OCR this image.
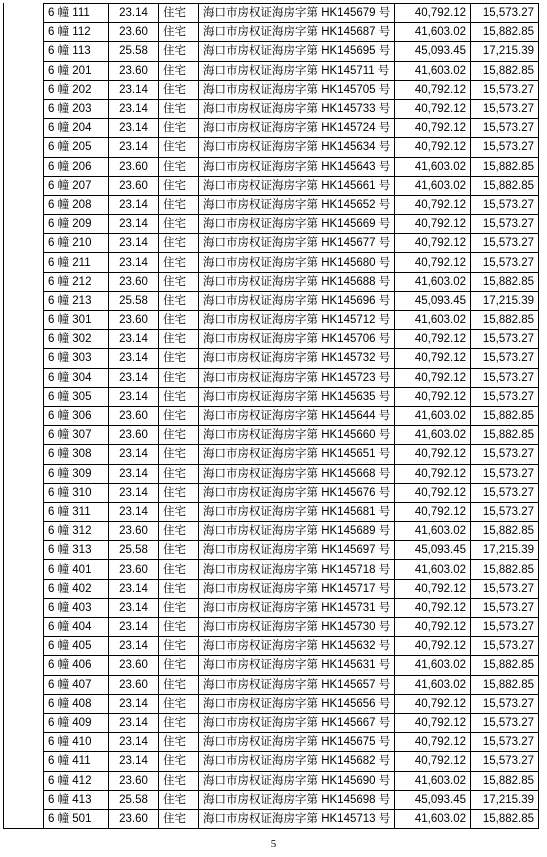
6 幢 111	23.14	住宅	海口市房权证海房字第 HK145679 号	40,792.12	15,573.27
6 幢 112	23.60	住宅	海口市房权证海房字第 HK145687 号	41,603.02	15,882.85
6 幢 113	25.58	住宅	海口市房权证海房字第 HK145695 号	45,093.45	17,215.39
6 幢 201	23.60	住宅	海口市房权证海房字第 HK145711 号	41,603.02	15,882.85
6 幢 202	23.14	住宅	海口市房权证海房字第 HK145705 号	40,792.12	15,573.27
6 幢 203	23.14	住宅	海口市房权证海房字第 HK145733 号	40,792.12	15,573.27
6 幢 204	23.14	住宅	海口市房权证海房字第 HK145724 号	40,792.12	15,573.27
6 幢 205	23.14	住宅	海口市房权证海房字第 HK145634 号	40,792.12	15,573.27
6 幢 206	23.60	住宅	海口市房权证海房字第 HK145643 号	41,603.02	15,882.85
6 幢 207	23.60	住宅	海口市房权证海房字第 HK145661 号	41,603.02	15,882.85
6 幢 208	23.14	住宅	海口市房权证海房字第 HK145652 号	40,792.12	15,573.27
6 幢 209	23.14	住宅	海口市房权证海房字第 HK145669 号	40,792.12	15,573.27
6 幢 210	23.14	住宅	海口市房权证海房字第 HK145677 号	40,792.12	15,573.27
6 幢 211	23.14	住宅	海口市房权证海房字第 HK145680 号	40,792.12	15,573.27
6 幢 212	23.60	住宅	海口市房权证海房字第 HK145688 号	41,603.02	15,882.85
6 幢 213	25.58	住宅	海口市房权证海房字第 HK145696 号	45,093.45	17,215.39
6 幢 301	23.60	住宅	海口市房权证海房字第 HK145712 号	41,603.02	15,882.85
6 幢 302	23.14	住宅	海口市房权证海房字第 HK145706 号	40,792.12	15,573.27
6 幢 303	23.14	住宅	海口市房权证海房字第 HK145732 号	40,792.12	15,573.27
6 幢 304	23.14	住宅	海口市房权证海房字第 HK145723 号	40,792.12	15,573.27
6 幢 305	23.14	住宅	海口市房权证海房字第 HK145635 号	40,792.12	15,573.27
6 幢 306	23.60	住宅	海口市房权证海房字第 HK145644 号	41,603.02	15,882.85
6 幢 307	23.60	住宅	海口市房权证海房字第 HK145660 号	41,603.02	15,882.85
6 幢 308	23.14	住宅	海口市房权证海房字第 HK145651 号	40,792.12	15,573.27
6 幢 309	23.14	住宅	海口市房权证海房字第 HK145668 号	40,792.12	15,573.27
6 幢 310	23.14	住宅	海口市房权证海房字第 HK145676 号	40,792.12	15,573.27
6 幢 311	23.14	住宅	海口市房权证海房字第 HK145681 号	40,792.12	15,573.27
6 幢 312	23.60	住宅	海口市房权证海房字第 HK145689 号	41,603.02	15,882.85
6 幢 313	25.58	住宅	海口市房权证海房字第 HK145697 号	45,093.45	17,215.39
6 幢 401	23.60	住宅	海口市房权证海房字第 HK145718 号	41,603.02	15,882.85
6 幢 402	23.14	住宅	海口市房权证海房字第 HK145717 号	40,792.12	15,573.27
6 幢 403	23.14	住宅	海口市房权证海房字第 HK145731 号	40,792.12	15,573.27
6 幢 404	23.14	住宅	海口市房权证海房字第 HK145730 号	40,792.12	15,573.27
6 幢 405	23.14	住宅	海口市房权证海房字第 HK145632 号	40,792.12	15,573.27
6 幢 406	23.60	住宅	海口市房权证海房字第 HK145631 号	41,603.02	15,882.85
6 幢 407	23.60	住宅	海口市房权证海房字第 HK145657 号	41,603.02	15,882.85
6 幢 408	23.14	住宅	海口市房权证海房字第 HK145656 号	40,792.12	15,573.27
6 幢 409	23.14	住宅	海口市房权证海房字第 HK145667 号	40,792.12	15,573.27
6 幢 410	23.14	住宅	海口市房权证海房字第 HK145675 号	40,792.12	15,573.27
6 幢 411	23.14	住宅	海口市房权证海房字第 HK145682 号	40,792.12	15,573.27
6 幢 412	23.60	住宅	海口市房权证海房字第 HK145690 号	41,603.02	15,882.85
6 幢 413	25.58	住宅	海口市房权证海房字第 HK145698 号	45,093.45	17,215.39
6 幢 501	23.60	住宅	海口市房权证海房字第 HK145713 号	41,603.02	15,882.85
5
